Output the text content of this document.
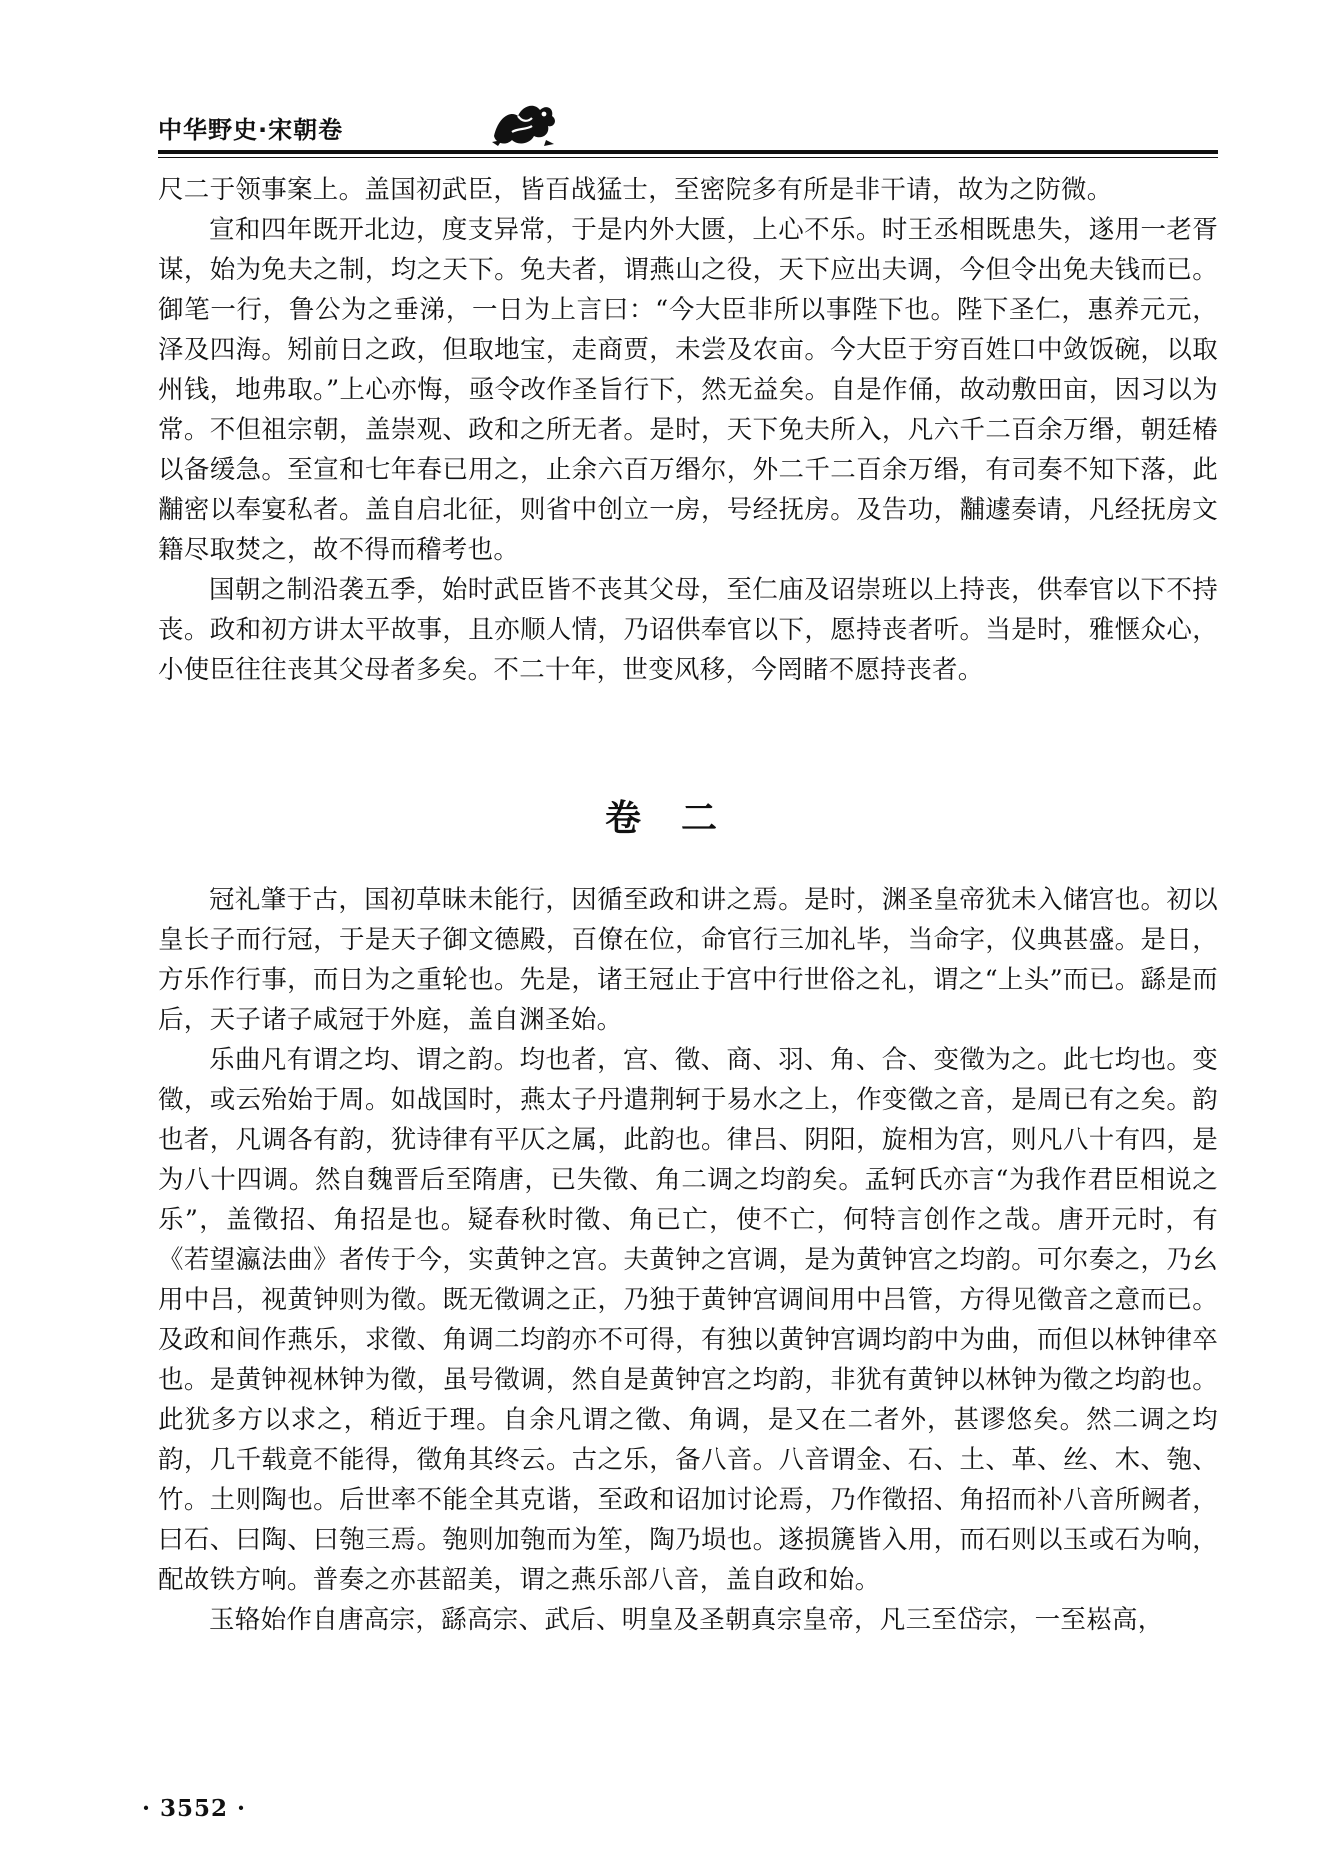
中华野史·宋朝卷

尺二于领事案上。盖国初武臣，皆百战猛士，至密院多有所是非干请，故为之防微。

宣和四年既开北边，度支异常，于是内外大匮，上心不乐。时王丞相既患失，遂用一老胥谋，始为免夫之制，均之天下。免夫者，谓燕山之役，天下应出夫调，今但令出免夫钱而已。御笔一行，鲁公为之垂涕，一日为上言曰：“今大臣非所以事陛下也。陛下圣仁，惠养元元，泽及四海。矧前日之政，但取地宝，走商贾，未尝及农亩。今大臣于穷百姓口中敛饭碗，以取州钱，地弗取。”上心亦悔，亟令改作圣旨行下，然无益矣。自是作俑，故动敷田亩，因习以为常。不但祖宗朝，盖崇观、政和之所无者。是时，天下免夫所入，凡六千二百余万缗，朝廷椿以备缓急。至宣和七年春已用之，止余六百万缗尔，外二千二百余万缗，有司奏不知下落，此黼密以奉宴私者。盖自启北征，则省中创立一房，号经抚房。及告功，黼遽奏请，凡经抚房文籍尽取焚之，故不得而稽考也。

国朝之制沿袭五季，始时武臣皆不丧其父母，至仁庙及诏崇班以上持丧，供奉官以下不持丧。政和初方讲太平故事，且亦顺人情，乃诏供奉官以下，愿持丧者听。当是时，雅惬众心，小使臣往往丧其父母者多矣。不二十年，世变风移，今罔睹不愿持丧者。

卷二

冠礼肇于古，国初草昧未能行，因循至政和讲之焉。是时，渊圣皇帝犹未入储宫也。初以皇长子而行冠，于是天子御文德殿，百僚在位，命官行三加礼毕，当命字，仪典甚盛。是日，方乐作行事，而日为之重轮也。先是，诸王冠止于宫中行世俗之礼，谓之“上头”而已。繇是而后，天子诸子咸冠于外庭，盖自渊圣始。

乐曲凡有谓之均、谓之韵。均也者，宫、徵、商、羽、角、合、变徵为之。此七均也。变徵，或云殆始于周。如战国时，燕太子丹遣荆轲于易水之上，作变徵之音，是周已有之矣。韵也者，凡调各有韵，犹诗律有平仄之属，此韵也。律吕、阴阳，旋相为宫，则凡八十有四，是为八十四调。然自魏晋后至隋唐，已失徵、角二调之均韵矣。孟轲氏亦言“为我作君臣相说之乐”，盖徵招、角招是也。疑春秋时徵、角已亡，使不亡，何特言创作之哉。唐开元时，有《若望瀛法曲》者传于今，实黄钟之宫。夫黄钟之宫调，是为黄钟宫之均韵。可尔奏之，乃幺用中吕，视黄钟则为徵。既无徵调之正，乃独于黄钟宫调间用中吕管，方得见徵音之意而已。及政和间作燕乐，求徵、角调二均韵亦不可得，有独以黄钟宫调均韵中为曲，而但以林钟律卒也。是黄钟视林钟为徵，虽号徵调，然自是黄钟宫之均韵，非犹有黄钟以林钟为徵之均韵也。此犹多方以求之，稍近于理。自余凡谓之徵、角调，是又在二者外，甚谬悠矣。然二调之均韵，几千载竟不能得，徵角其终云。古之乐，备八音。八音谓金、石、土、革、丝、木、匏、竹。土则陶也。后世率不能全其克谐，至政和诏加讨论焉，乃作徵招、角招而补八音所阙者，曰石、曰陶、曰匏三焉。匏则加匏而为笙，陶乃埙也。遂损篪皆入用，而石则以玉或石为响，配故铁方响。普奏之亦甚韶美，谓之燕乐部八音，盖自政和始。

玉辂始作自唐高宗，繇高宗、武后、明皇及圣朝真宗皇帝，凡三至岱宗，一至崧高，

· 3552 ·
